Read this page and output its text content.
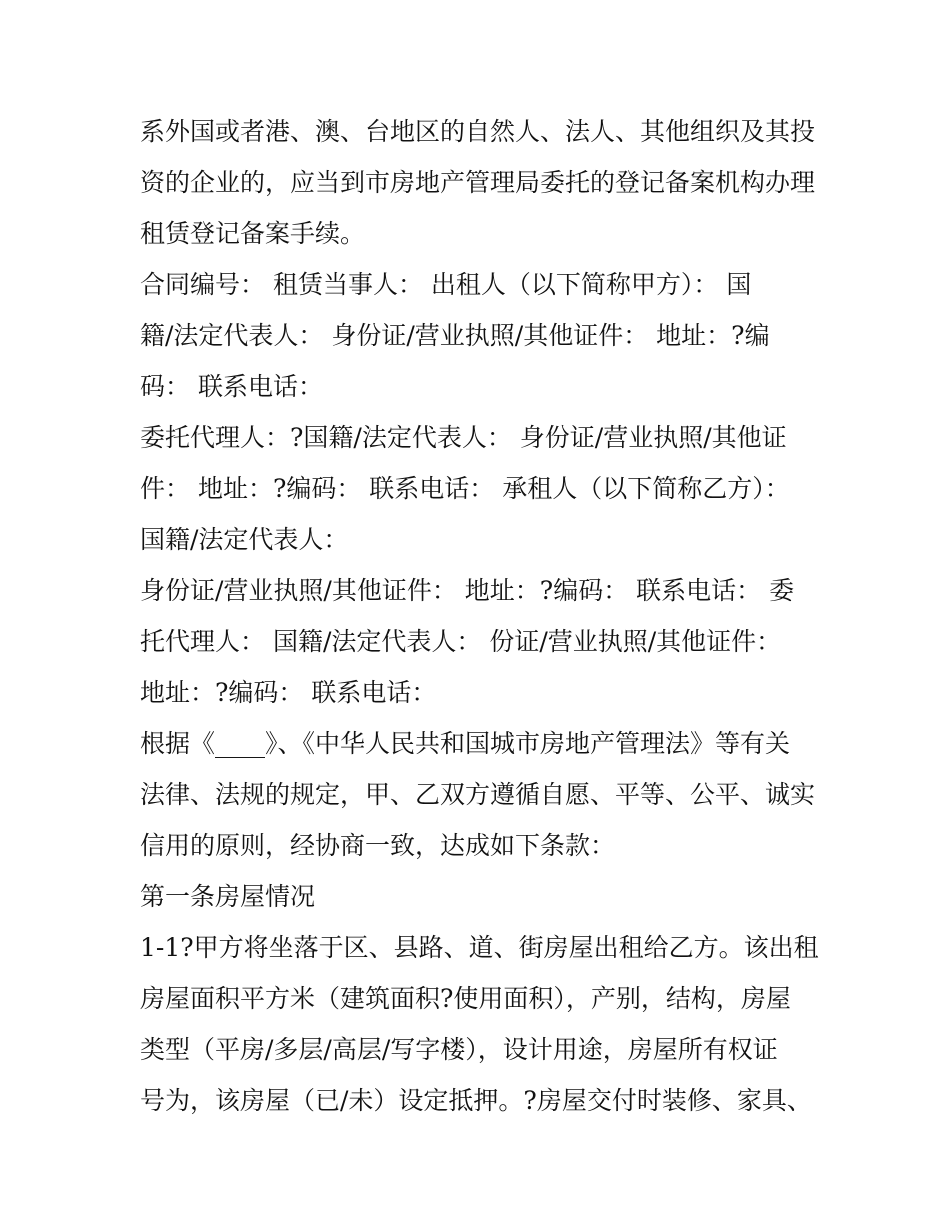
系外国或者港、澳、台地区的自然人、法人、其他组织及其投
资的企业的，应当到市房地产管理局委托的登记备案机构办理
租赁登记备案手续。
合同编号： 租赁当事人： 出租人（以下简称甲方）： 国
籍/法定代表人： 身份证/营业执照/其他证件： 地址：?编
码： 联系电话：
委托代理人：?国籍/法定代表人： 身份证/营业执照/其他证
件： 地址：?编码： 联系电话： 承租人（以下简称乙方）：
国籍/法定代表人：
身份证/营业执照/其他证件： 地址：?编码： 联系电话： 委
托代理人： 国籍/法定代表人： 份证/营业执照/其他证件：
地址：?编码： 联系电话：
根据《____》、《中华人民共和国城市房地产管理法》等有关
法律、法规的规定，甲、乙双方遵循自愿、平等、公平、诚实
信用的原则，经协商一致，达成如下条款：
第一条房屋情况
1-1?甲方将坐落于区、县路、道、街房屋出租给乙方。该出租
房屋面积平方米（建筑面积?使用面积），产别，结构，房屋
类型（平房/多层/高层/写字楼），设计用途，房屋所有权证
号为，该房屋（已/未）设定抵押。?房屋交付时装修、家具、
